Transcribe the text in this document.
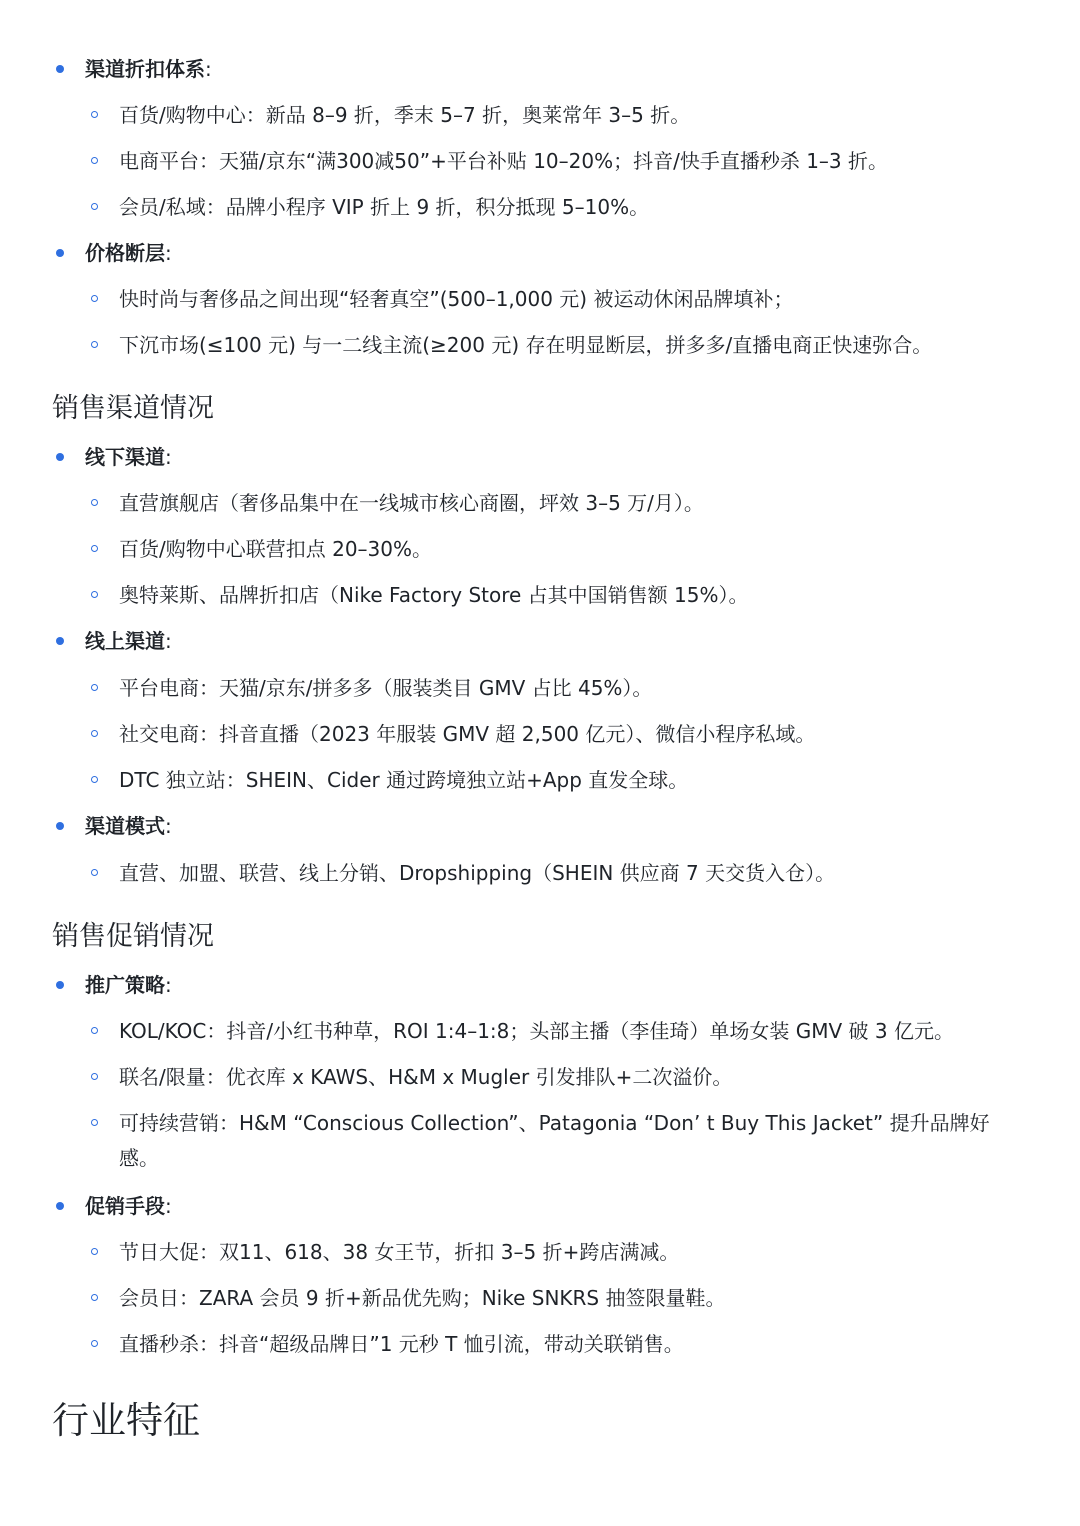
渠道折扣体系:
百货/购物中心：新品 8–9 折，季末 5–7 折，奥莱常年 3–5 折。
电商平台：天猫/京东“满300减50”+平台补贴 10–20%；抖音/快手直播秒杀 1–3 折。
会员/私域：品牌小程序 VIP 折上 9 折，积分抵现 5–10%。
价格断层:
快时尚与奢侈品之间出现“轻奢真空”(500–1,000 元) 被运动休闲品牌填补；
下沉市场(≤100 元) 与一二线主流(≥200 元) 存在明显断层，拼多多/直播电商正快速弥合。
销售渠道情况
线下渠道:
直营旗舰店（奢侈品集中在一线城市核心商圈，坪效 3–5 万/月）。
百货/购物中心联营扣点 20–30%。
奥特莱斯、品牌折扣店（Nike Factory Store 占其中国销售额 15%）。
线上渠道:
平台电商：天猫/京东/拼多多（服装类目 GMV 占比 45%）。
社交电商：抖音直播（2023 年服装 GMV 超 2,500 亿元）、微信小程序私域。
DTC 独立站：SHEIN、Cider 通过跨境独立站+App 直发全球。
渠道模式:
直营、加盟、联营、线上分销、Dropshipping（SHEIN 供应商 7 天交货入仓）。
销售促销情况
推广策略:
KOL/KOC：抖音/小红书种草，ROI 1:4–1:8；头部主播（李佳琦）单场女装 GMV 破 3 亿元。
联名/限量：优衣库 x KAWS、H&M x Mugler 引发排队+二次溢价。
可持续营销：H&M “Conscious Collection”、Patagonia “Don’ t Buy This Jacket” 提升品牌好感。
促销手段:
节日大促：双11、618、38 女王节，折扣 3–5 折+跨店满减。
会员日：ZARA 会员 9 折+新品优先购；Nike SNKRS 抽签限量鞋。
直播秒杀：抖音“超级品牌日”1 元秒 T 恤引流，带动关联销售。
行业特征
